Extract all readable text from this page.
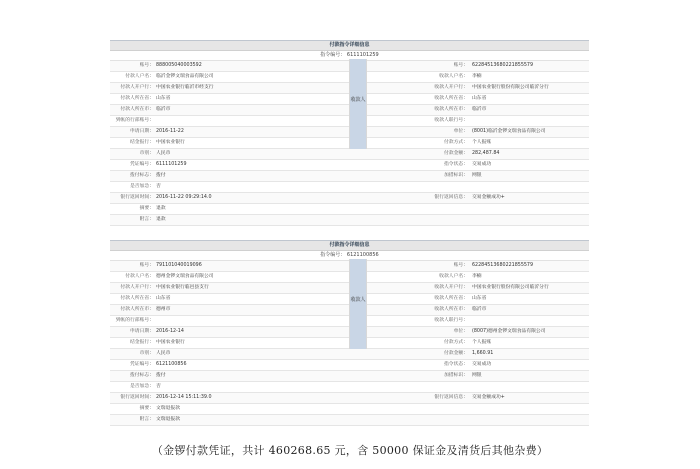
付款指令详细信息
指令编号： 6111101259
账号： 888005040003592	账号： 62284513680221855579
付款人户名： 临沂金锣文瑞食品有限公司	收款人户名： 李楠
付款人开户行： 中国农业银行临沂市经支行	收款人开户行： 中国农业银行股份有限公司临沂分行
付款人所在省： 山东省	收款人所在省： 山东省
付款人所在市： 临沂市	收款人所在市： 临沂市
到帐的行部账号：	收款人联行号：
申请日期： 2016-11-22	单位： (8001)临沂金锣文瑞食品有限公司
结金报行： 中国农业银行	付款方式： 个人报账
币别： 人民币	付款金额： 282,487.84
凭证编号： 6111101259	指令状态： 交易成功
拨付标志： 拨付	加措标识： 网银
是否加急： 否
银行返回时间： 2016-11-22 09:29:14.0	银行返回信息： 交易金额成功+
摘要： 退款
附言： 退款
收款人
付款指令详细信息
指令编号： 6121100856
账号： 791101040019096	账号： 62284513680221855579
付款人户名： 德州金锣文瑞食品有限公司	收款人户名： 李楠
付款人开户行： 中国农业银行临邑县支行	收款人开户行： 中国农业银行股份有限公司临沂分行
付款人所在省： 山东省	收款人所在省： 山东省
付款人所在市： 德州市	收款人所在市： 临沂市
到帐的行部账号：	收款人联行号：
申请日期： 2016-12-14	单位： (8007)德州金锣文瑞食品有限公司
结金报行： 中国农业银行	付款方式： 个人报账
币别： 人民币	付款金额： 1,660.91
凭证编号： 6121100856	指令状态： 交易成功
拨付标志： 拨付	加措标识： 网银
是否加急： 否
银行返回时间： 2016-12-14 15:11:39.0	银行返回信息： 交易金额成功+
摘要： 文瑞退报款
附言： 文瑞退报款
收款人
（金锣付款凭证，共计 460268.65 元，含 50000 保证金及清货后其他杂费）
